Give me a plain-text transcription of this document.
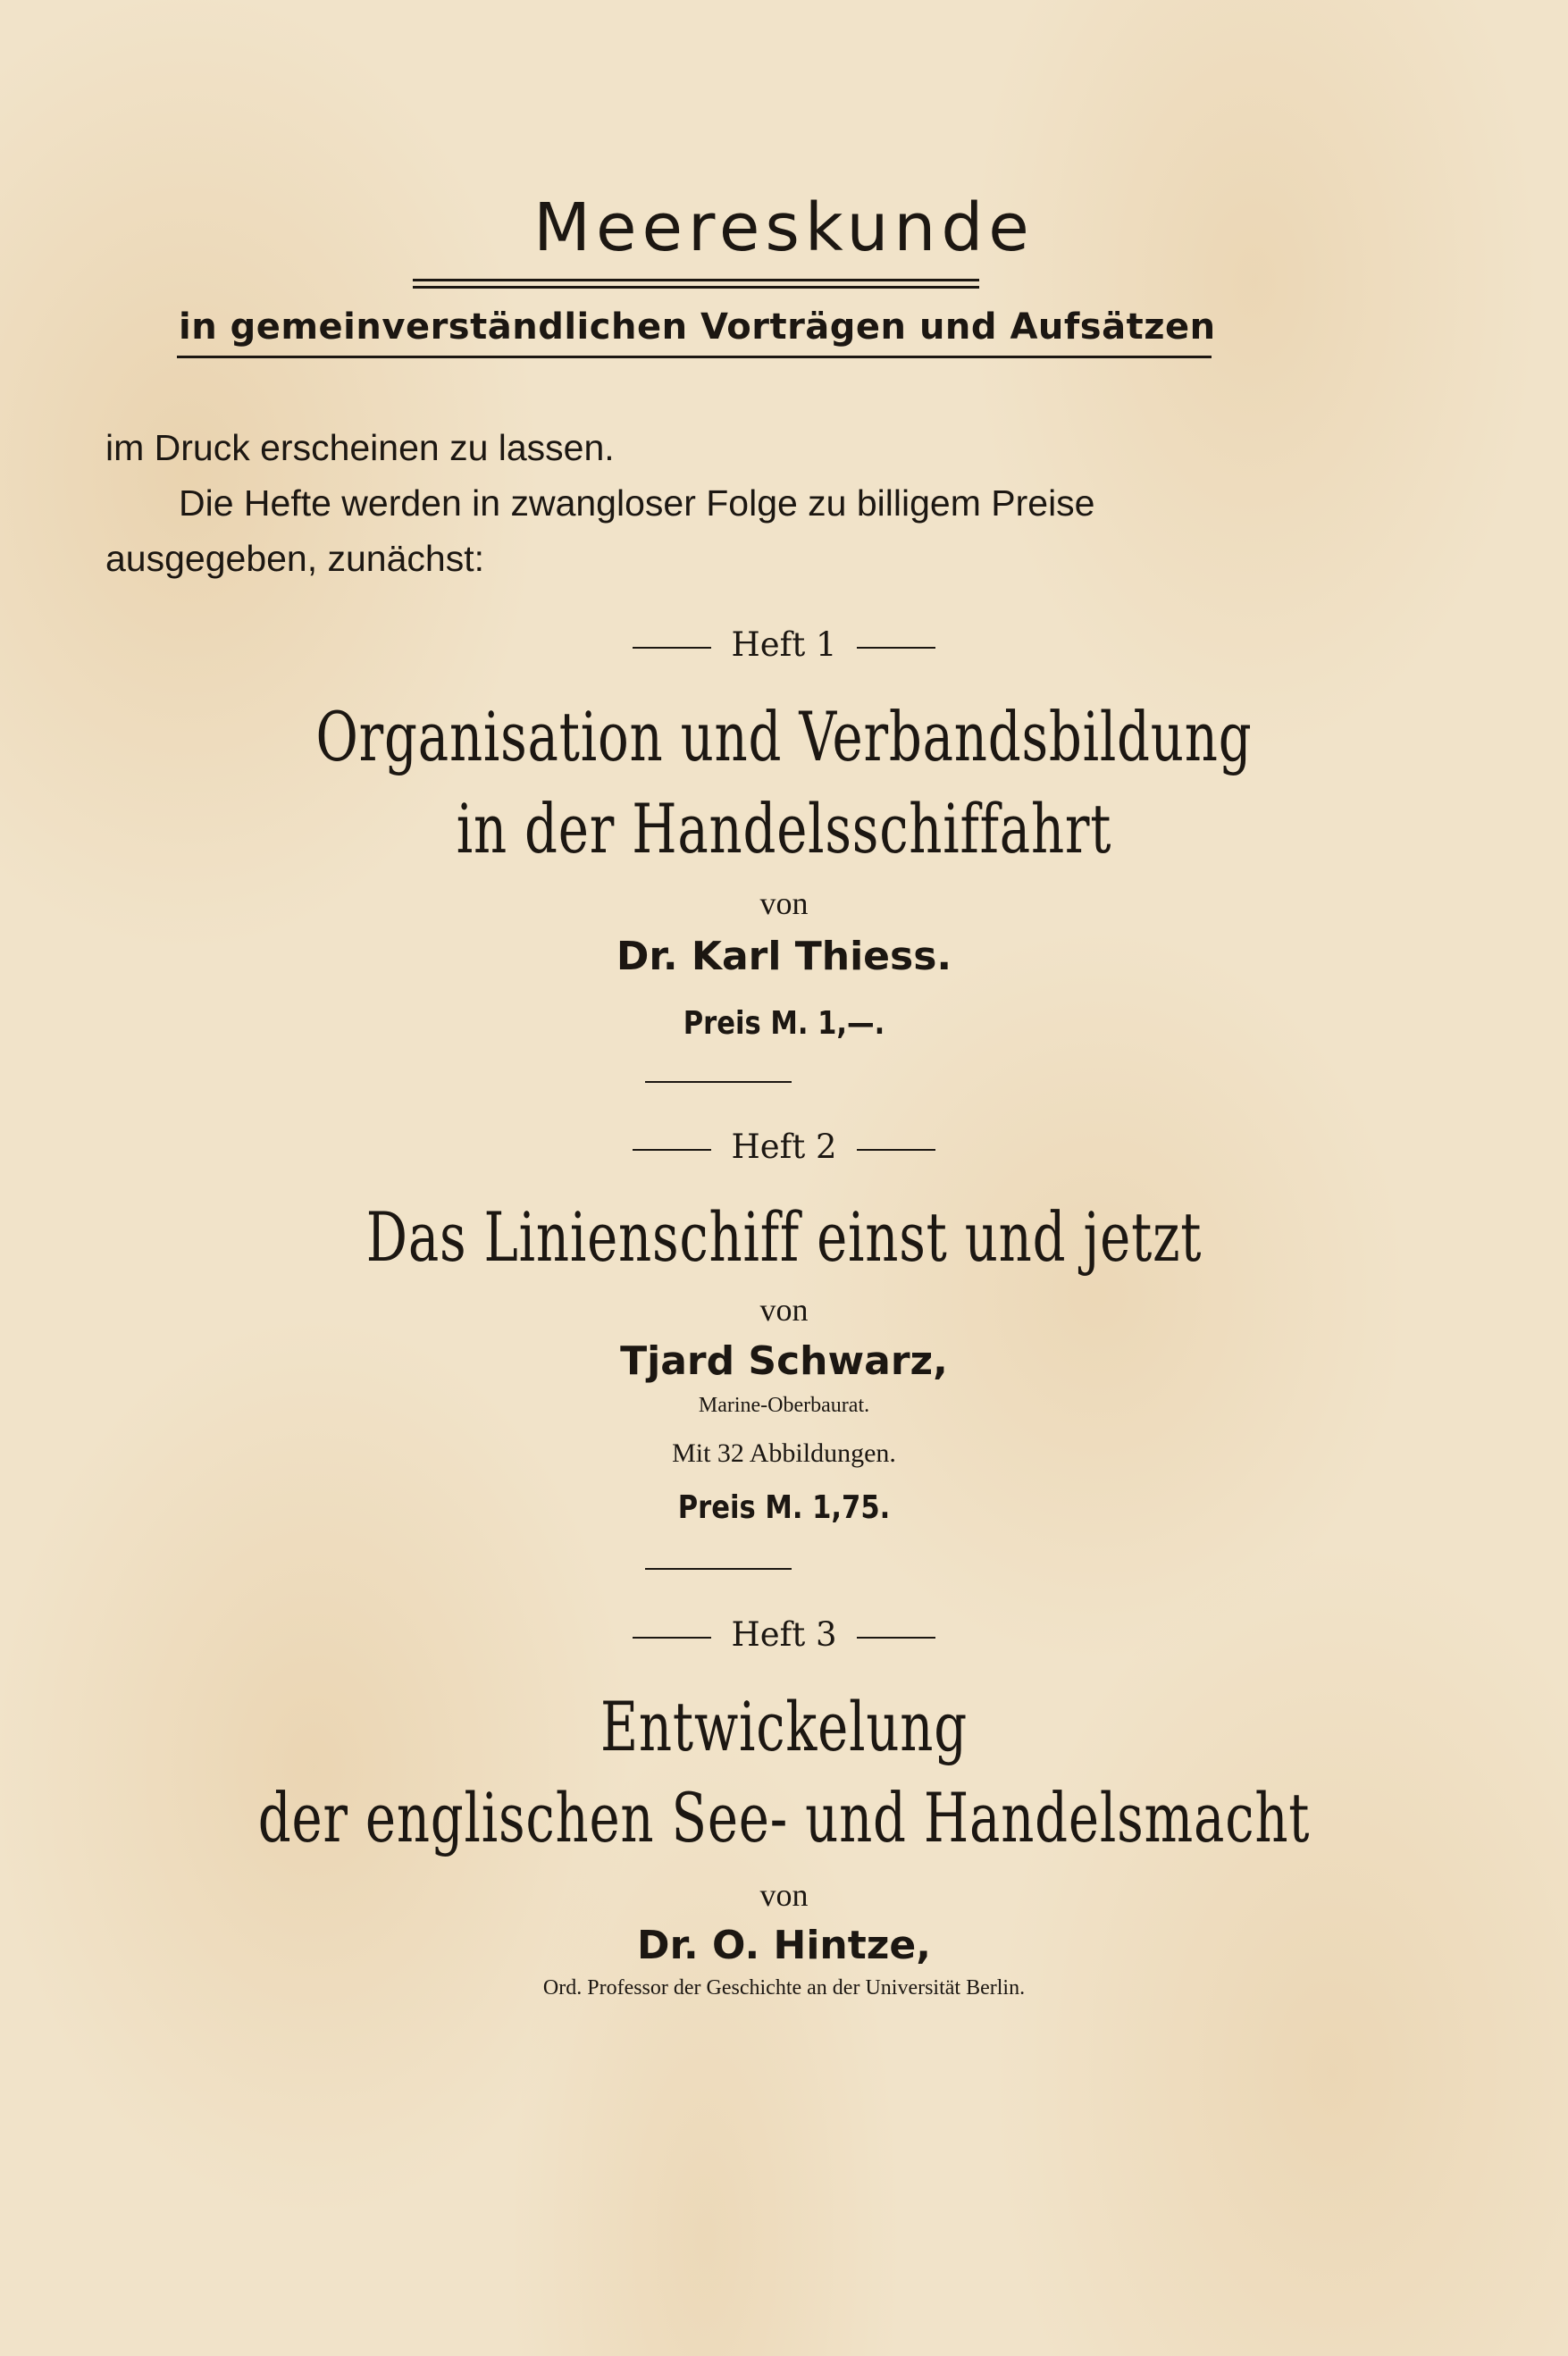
Meereskunde
in gemeinverständlichen Vorträgen und Aufsätzen

im Druck erscheinen zu lassen.

Die Hefte werden in zwangloser Folge zu billigem Preise

ausgegeben, zunächst:

Heft 1
Organisation und Verbandsbildung
in der Handelsschiffahrt
von
Dr. Karl Thiess.
Preis M. 1,—.
Heft 2
Das Linienschiff einst und jetzt
von
Tjard Schwarz,
Marine-Oberbaurat.
Mit 32 Abbildungen.
Preis M. 1,75.
Heft 3
Entwickelung
der englischen See- und Handelsmacht
von
Dr. O. Hintze,
Ord. Professor der Geschichte an der Universität Berlin.
